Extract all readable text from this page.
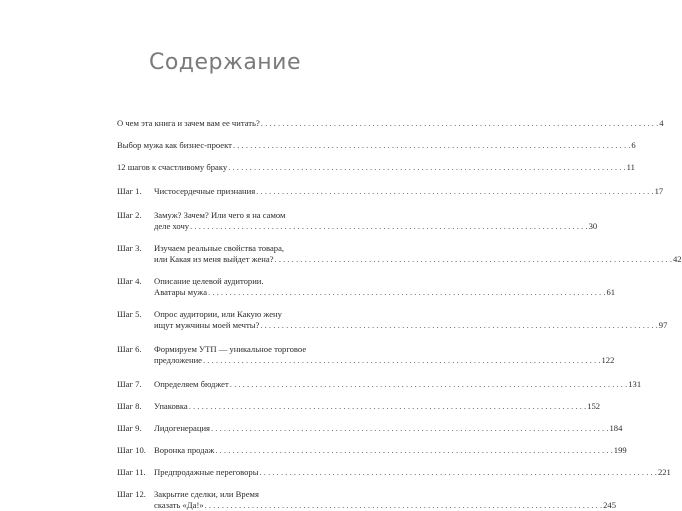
Содержание
О чем эта книга и зачем вам ее читать? . . .	4
Выбор мужа как бизнес-проект . . .	6
12 шагов к счастливому браку . . .	11
Шаг 1.	Чистосердечные признания . . .	17
Шаг 2.	Замуж? Зачем? Или чего я на самом
деле хочу . . .	30
Шаг 3.	Изучаем реальные свойства товара,
или Какая из меня выйдет жена? . . .	42
Шаг 4.	Описание целевой аудитории.
Аватары мужа . . .	61
Шаг 5.	Опрос аудитории, или Какую жену
ищут мужчины моей мечты? . . .	97
Шаг 6.	Формируем УТП — уникальное торговое
предложение . . .	122
Шаг 7.	Определяем бюджет . . .	131
Шаг 8.	Упаковка . . .	152
Шаг 9.	Лидогенерация . . .	184
Шаг 10. Воронка продаж . . .	199
Шаг 11. Предпродажные переговоры . . .	221
Шаг 12. Закрытие сделки, или Время
сказать «Да!» . . .	245
